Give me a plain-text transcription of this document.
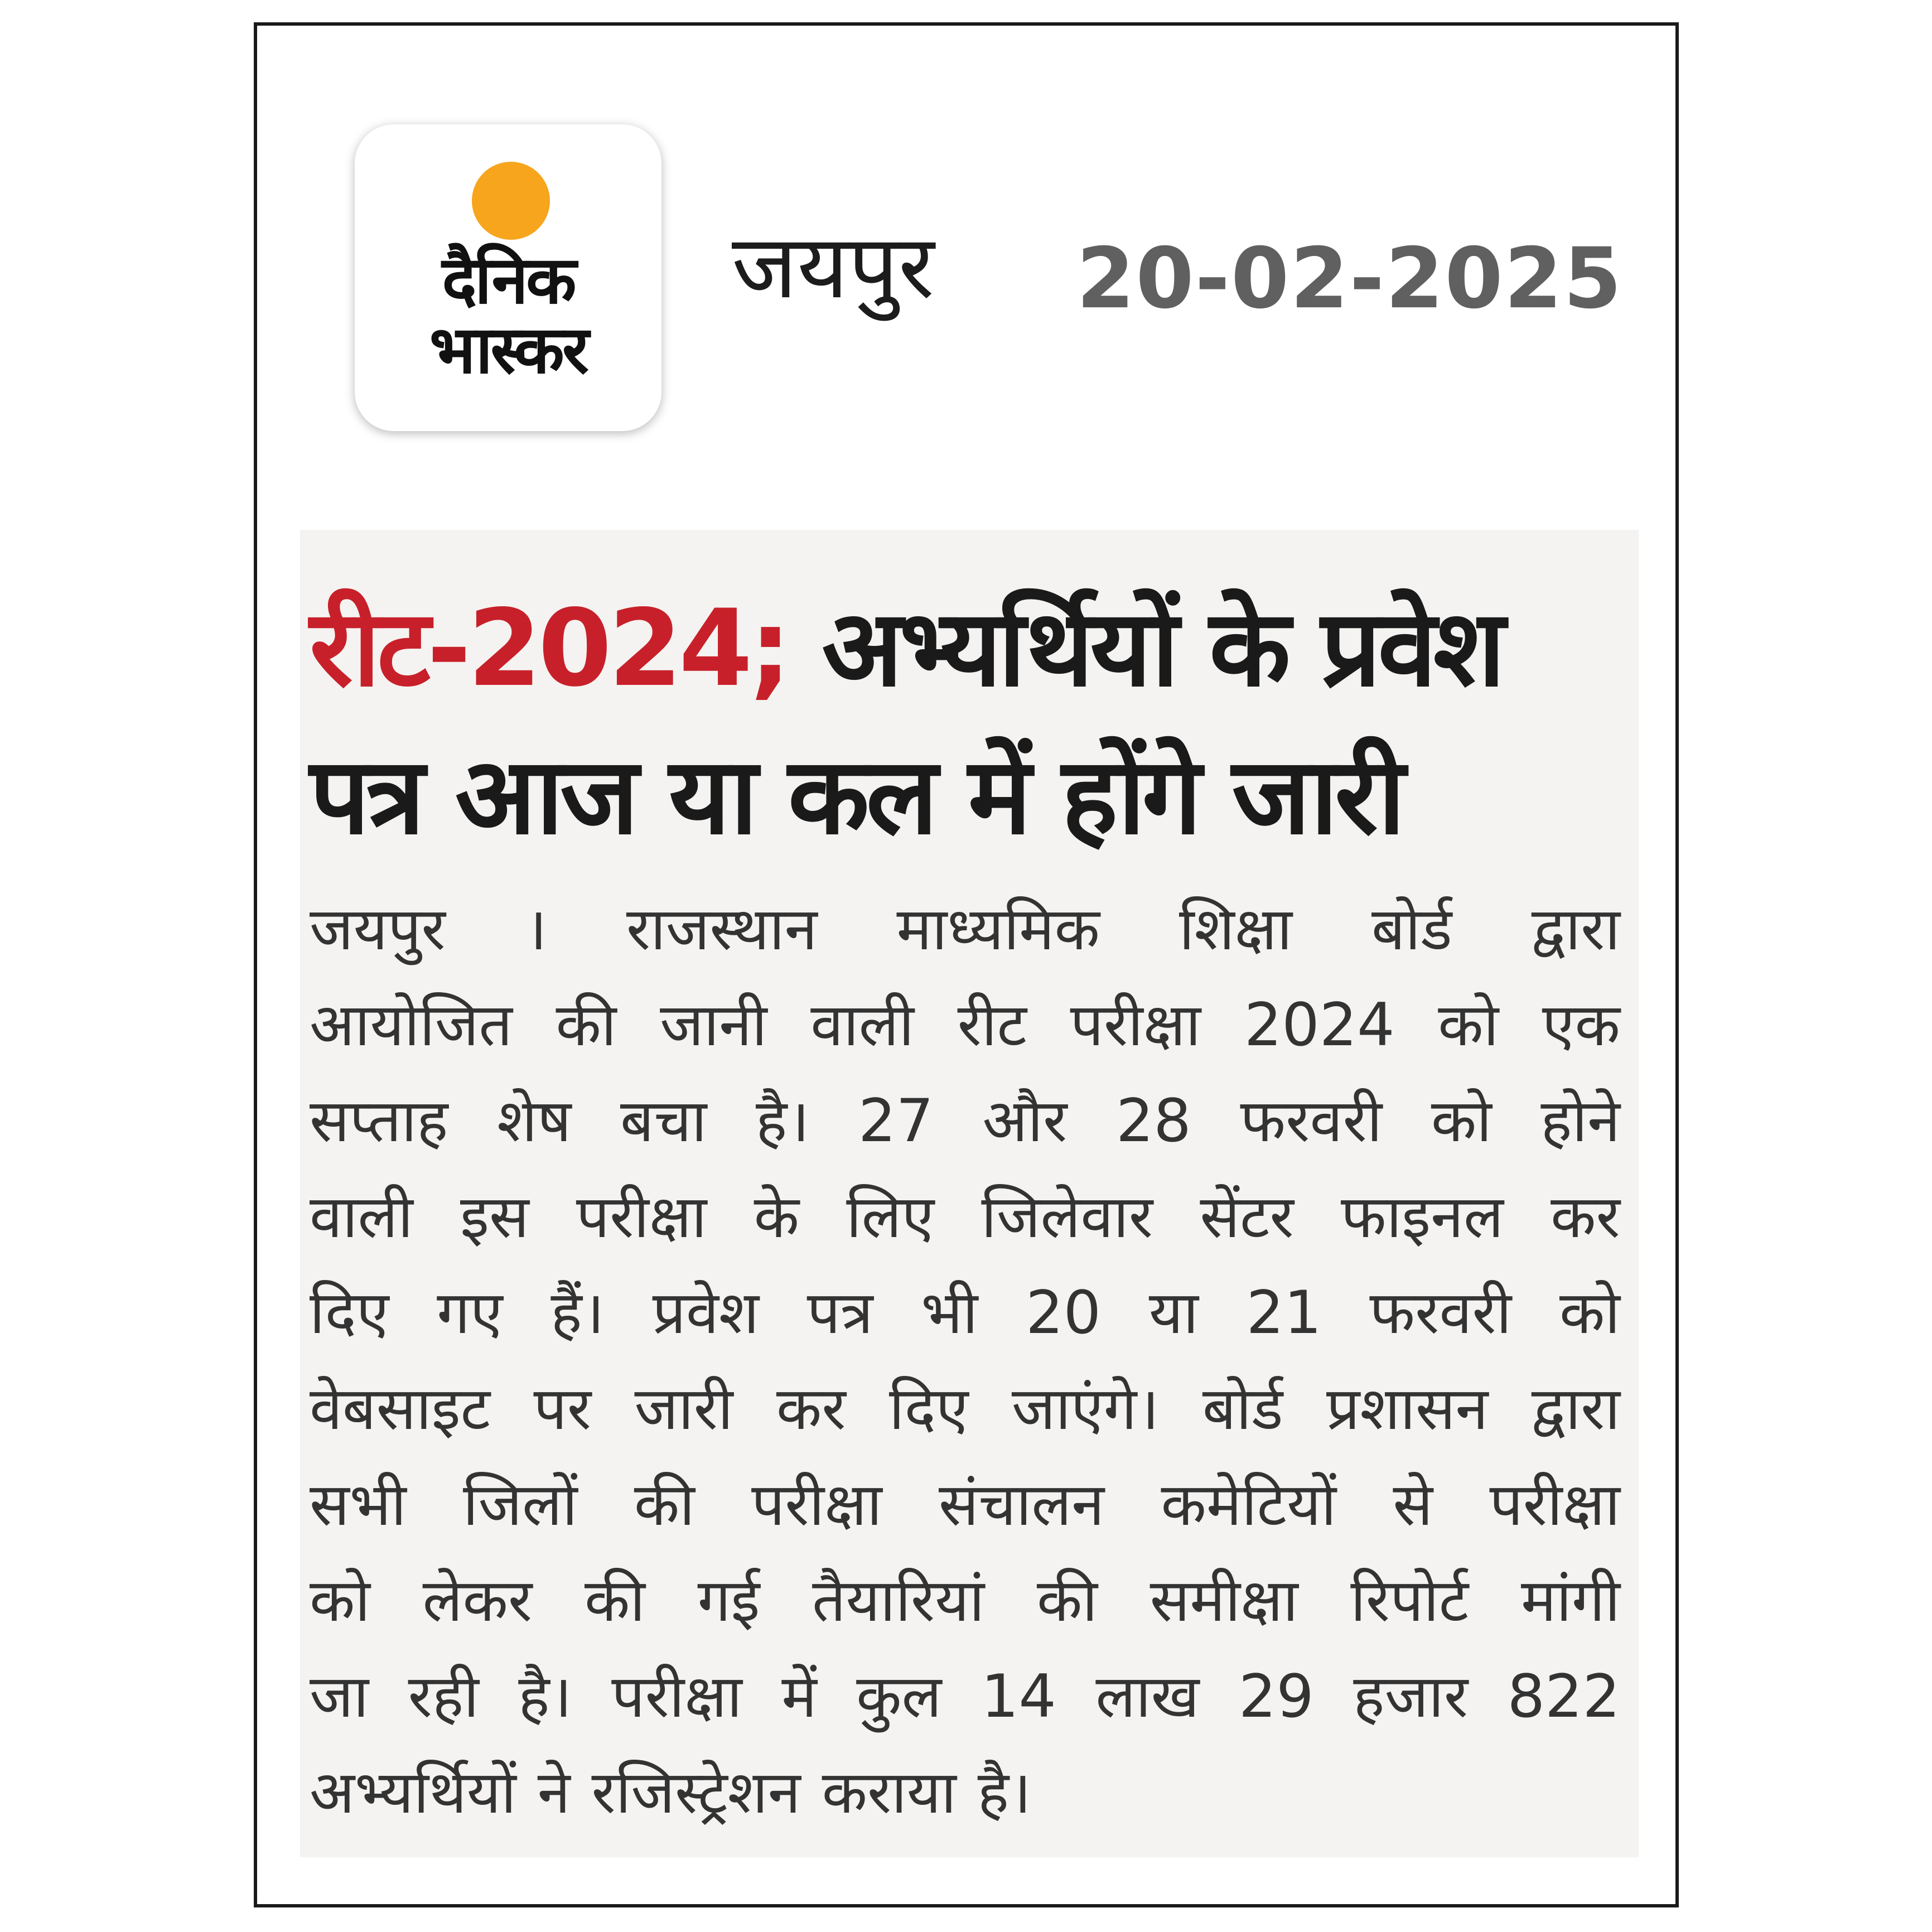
दैनिक
भास्कर
जयपुर 20-02-2025
रीट-2024; अभ्यर्थियों के प्रवेश
पत्र आज या कल में होंगे जारी
जयपुर । राजस्थान माध्यमिक शिक्षा बोर्ड द्वारा
आयोजित की जानी वाली रीट परीक्षा 2024 को एक
सप्ताह शेष बचा है। 27 और 28 फरवरी को होने
वाली इस परीक्षा के लिए जिलेवार सेंटर फाइनल कर
दिए गए हैं। प्रवेश पत्र भी 20 या 21 फरवरी को
वेबसाइट पर जारी कर दिए जाएंगे। बोर्ड प्रशासन द्वारा
सभी जिलों की परीक्षा संचालन कमेटियों से परीक्षा
को लेकर की गई तैयारियां की समीक्षा रिपोर्ट मांगी
जा रही है। परीक्षा में कुल 14 लाख 29 हजार 822
अभ्यर्थियों ने रजिस्ट्रेशन कराया है।
